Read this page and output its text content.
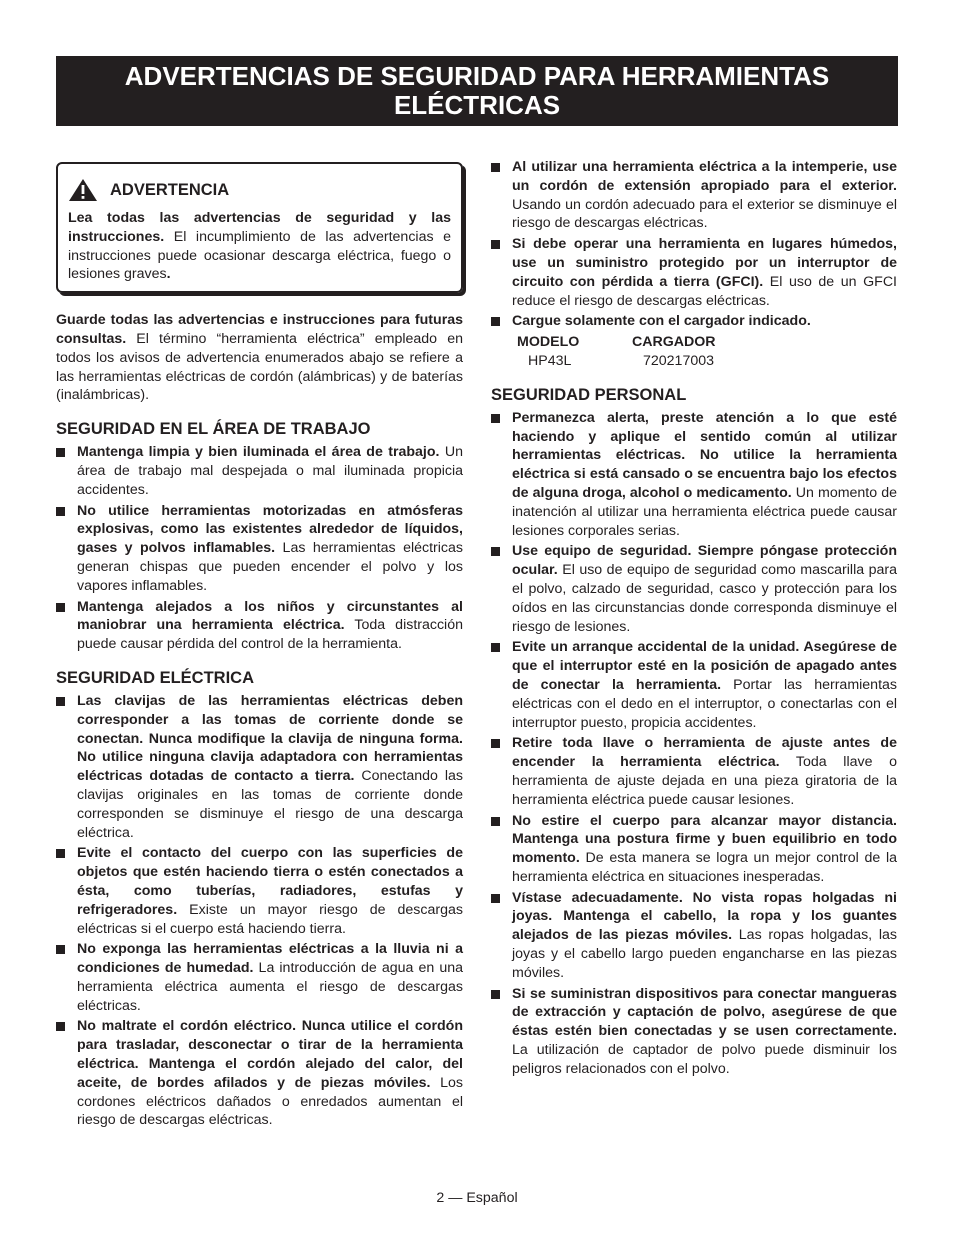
ADVERTENCIAS DE SEGURIDAD PARA HERRAMIENTAS
ELÉCTRICAS
ADVERTENCIA

Lea todas las advertencias de seguridad y las instrucciones. El incumplimiento de las advertencias e instrucciones puede ocasionar descarga eléctrica, fuego o lesiones graves.

Guarde todas las advertencias e instrucciones para futuras consultas. El término “herramienta eléctrica” empleado en todos los avisos de advertencia enumerados abajo se refiere a las herramientas eléctricas de cordón (alámbricas) y de baterías (inalámbricas).

SEGURIDAD EN EL ÁREA DE TRABAJO
Mantenga limpia y bien iluminada el área de trabajo. Un área de trabajo mal despejada o mal iluminada propicia accidentes.
No utilice herramientas motorizadas en atmósferas explosivas, como las existentes alrededor de líquidos, gases y polvos inflamables. Las herramientas eléctricas generan chispas que pueden encender el polvo y los vapores inflamables.
Mantenga alejados a los niños y circunstantes al maniobrar una herramienta eléctrica. Toda distracción puede causar pérdida del control de la herramienta.
SEGURIDAD ELÉCTRICA
Las clavijas de las herramientas eléctricas deben corresponder a las tomas de corriente donde se conectan. Nunca modifique la clavija de ninguna forma. No utilice ninguna clavija adaptadora con herramientas eléctricas dotadas de contacto a tierra. Conectando las clavijas originales en las tomas de corriente donde corresponden se disminuye el riesgo de una descarga eléctrica.
Evite el contacto del cuerpo con las superficies de objetos que estén haciendo tierra o estén conectados a ésta, como tuberías, radiadores, estufas y refrigeradores. Existe un mayor riesgo de descargas eléctricas si el cuerpo está haciendo tierra.
No exponga las herramientas eléctricas a la lluvia ni a condiciones de humedad. La introducción de agua en una herramienta eléctrica aumenta el riesgo de descargas eléctricas.
No maltrate el cordón eléctrico. Nunca utilice el cordón para trasladar, desconectar o tirar de la herramienta eléctrica. Mantenga el cordón alejado del calor, del aceite, de bordes afilados y de piezas móviles. Los cordones eléctricos dañados o enredados aumentan el riesgo de descargas eléctricas.
Al utilizar una herramienta eléctrica a la intemperie, use un cordón de extensión apropiado para el exterior. Usando un cordón adecuado para el exterior se disminuye el riesgo de descargas eléctricas.
Si debe operar una herramienta en lugares húmedos, use un suministro protegido por un interruptor de circuito con pérdida a tierra (GFCI). El uso de un GFCI reduce el riesgo de descargas eléctricas.
Cargue solamente con el cargador indicado.
MODELO	CARGADOR
HP43L	720217003
SEGURIDAD PERSONAL
Permanezca alerta, preste atención a lo que esté haciendo y aplique el sentido común al utilizar herramientas eléctricas. No utilice la herramienta eléctrica si está cansado o se encuentra bajo los efectos de alguna droga, alcohol o medicamento. Un momento de inatención al utilizar una herramienta eléctrica puede causar lesiones corporales serias.
Use equipo de seguridad. Siempre póngase protección ocular. El uso de equipo de seguridad como mascarilla para el polvo, calzado de seguridad, casco y protección para los oídos en las circunstancias donde corresponda disminuye el riesgo de lesiones.
Evite un arranque accidental de la unidad. Asegúrese de que el interruptor esté en la posición de apagado antes de conectar la herramienta. Portar las herramientas eléctricas con el dedo en el interruptor, o conectarlas con el interruptor puesto, propicia accidentes.
Retire toda llave o herramienta de ajuste antes de encender la herramienta eléctrica. Toda llave o herramienta de ajuste dejada en una pieza giratoria de la herramienta eléctrica puede causar lesiones.
No estire el cuerpo para alcanzar mayor distancia. Mantenga una postura firme y buen equilibrio en todo momento. De esta manera se logra un mejor control de la herramienta eléctrica en situaciones inesperadas.
Vístase adecuadamente. No vista ropas holgadas ni joyas. Mantenga el cabello, la ropa y los guantes alejados de las piezas móviles. Las ropas holgadas, las joyas y el cabello largo pueden engancharse en las piezas móviles.
Si se suministran dispositivos para conectar mangueras de extracción y captación de polvo, asegúrese de que éstas estén bien conectadas y se usen correctamente. La utilización de captador de polvo puede disminuir los peligros relacionados con el polvo.
2 — Español
